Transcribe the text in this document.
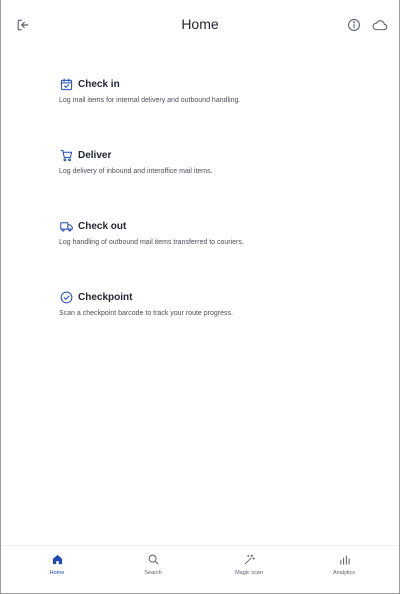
Home
Check in
Log mail items for internal delivery and outbound handling.
Deliver
Log delivery of inbound and interoffice mail items.
Check out
Log handling of outbound mail items transferred to couriers.
Checkpoint
Scan a checkpoint barcode to track your route progress.
Home	Search	Magic scan	Analytics
